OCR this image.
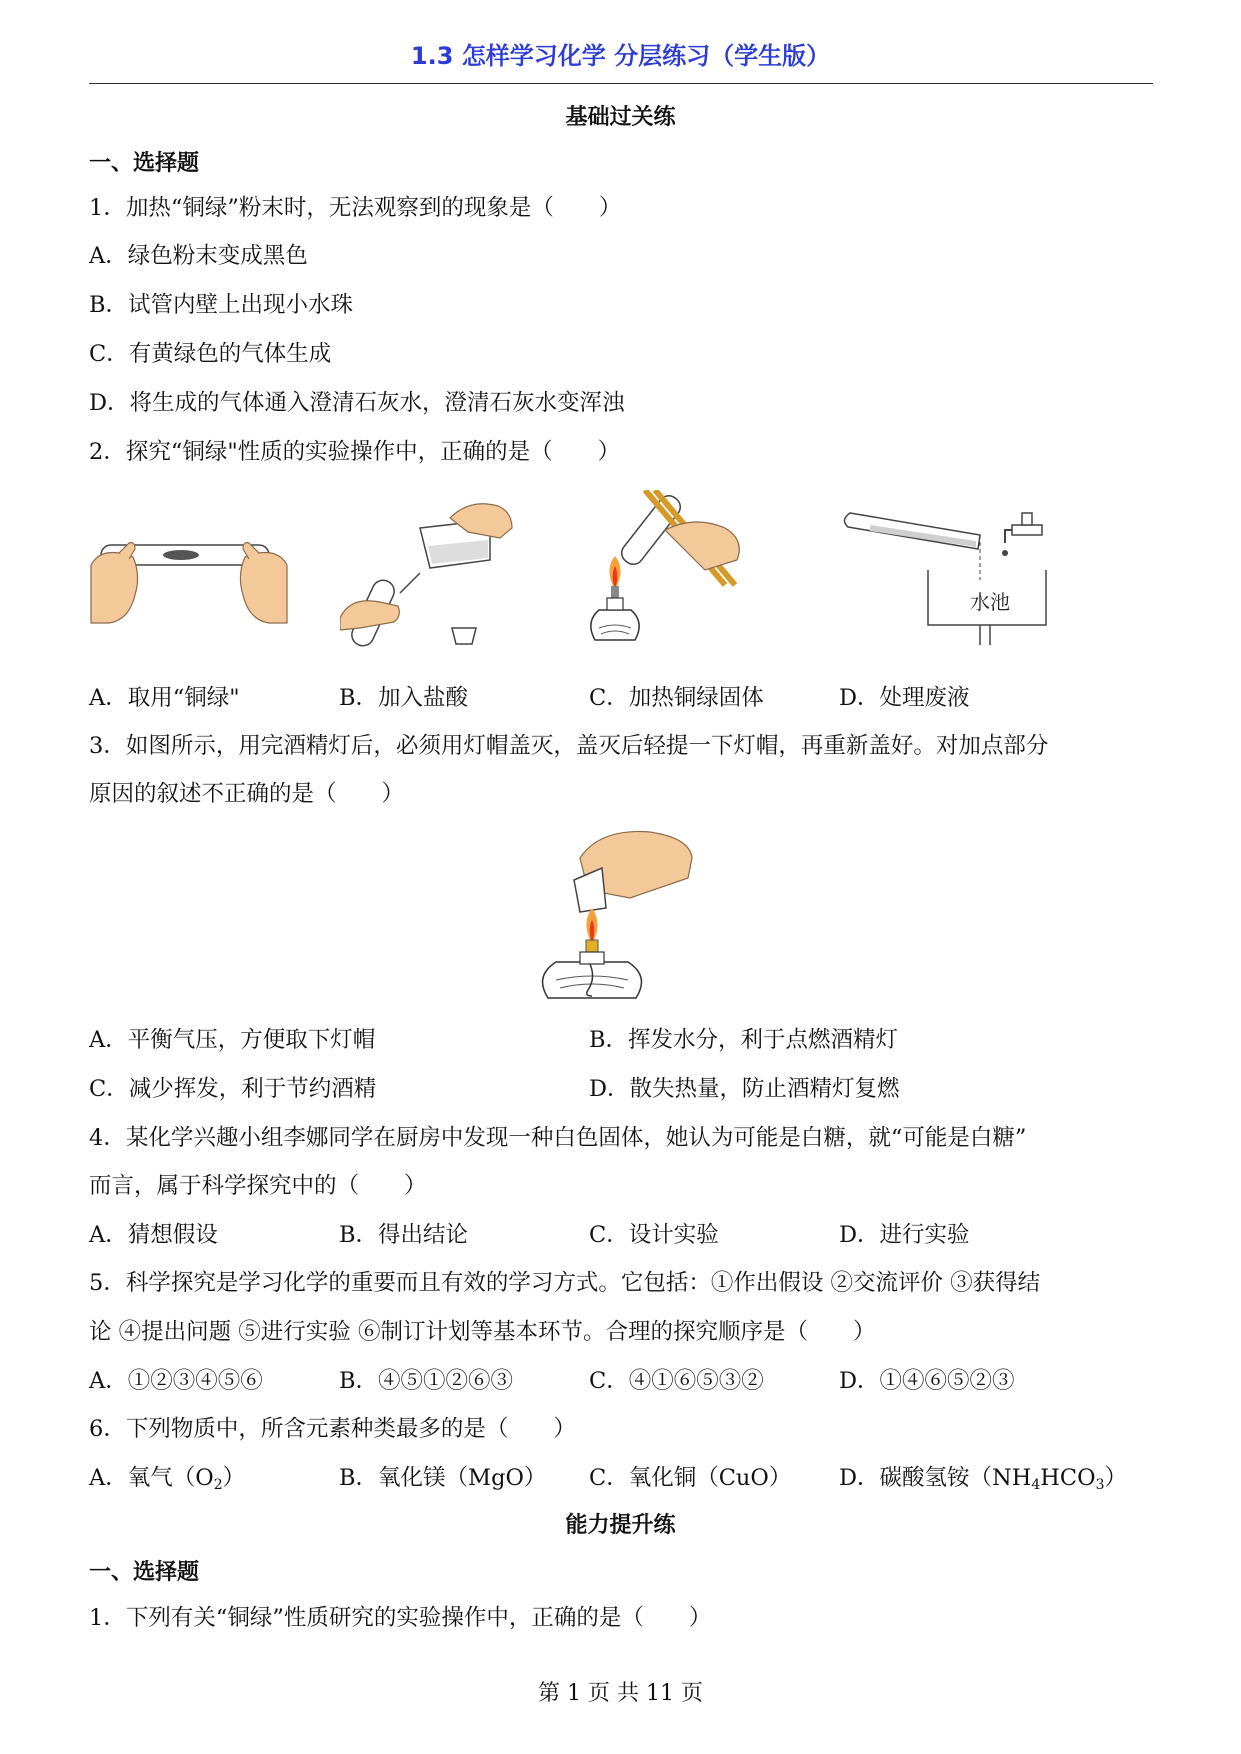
1.3 怎样学习化学 分层练习（学生版）
基础过关练
一、选择题
1．加热“铜绿”粉末时，无法观察到的现象是（　　）
A．绿色粉末变成黑色
B．试管内壁上出现小水珠
C．有黄绿色的气体生成
D．将生成的气体通入澄清石灰水，澄清石灰水变浑浊
2．探究“铜绿"性质的实验操作中，正确的是（　　）
水池
A．取用“铜绿"	B．加入盐酸	C．加热铜绿固体	D．处理废液
3．如图所示，用完酒精灯后，必须用灯帽盖灭，盖灭后轻提一下灯帽，再重新盖好。对加点部分
原因的叙述不正确的是（　　）
A．平衡气压，方便取下灯帽	B．挥发水分，利于点燃酒精灯
C．减少挥发，利于节约酒精	D．散失热量，防止酒精灯复燃
4．某化学兴趣小组李娜同学在厨房中发现一种白色固体，她认为可能是白糖，就“可能是白糖”
而言，属于科学探究中的（　　）
A．猜想假设	B．得出结论	C．设计实验	D．进行实验
5．科学探究是学习化学的重要而且有效的学习方式。它包括：①作出假设 ②交流评价 ③获得结
论 ④提出问题 ⑤进行实验 ⑥制订计划等基本环节。合理的探究顺序是（　　）
A．①②③④⑤⑥	B．④⑤①②⑥③	C．④①⑥⑤③②	D．①④⑥⑤②③
6．下列物质中，所含元素种类最多的是（　　）
A．氧气$(O_2)$	B．氧化镁（MgO） C．氧化铜（CuO） D．碳酸氢铵$(NH_4HCO_3)$
能力提升练
一、选择题
1．下列有关“铜绿”性质研究的实验操作中，正确的是（　　）
第 1 页 共 11 页
